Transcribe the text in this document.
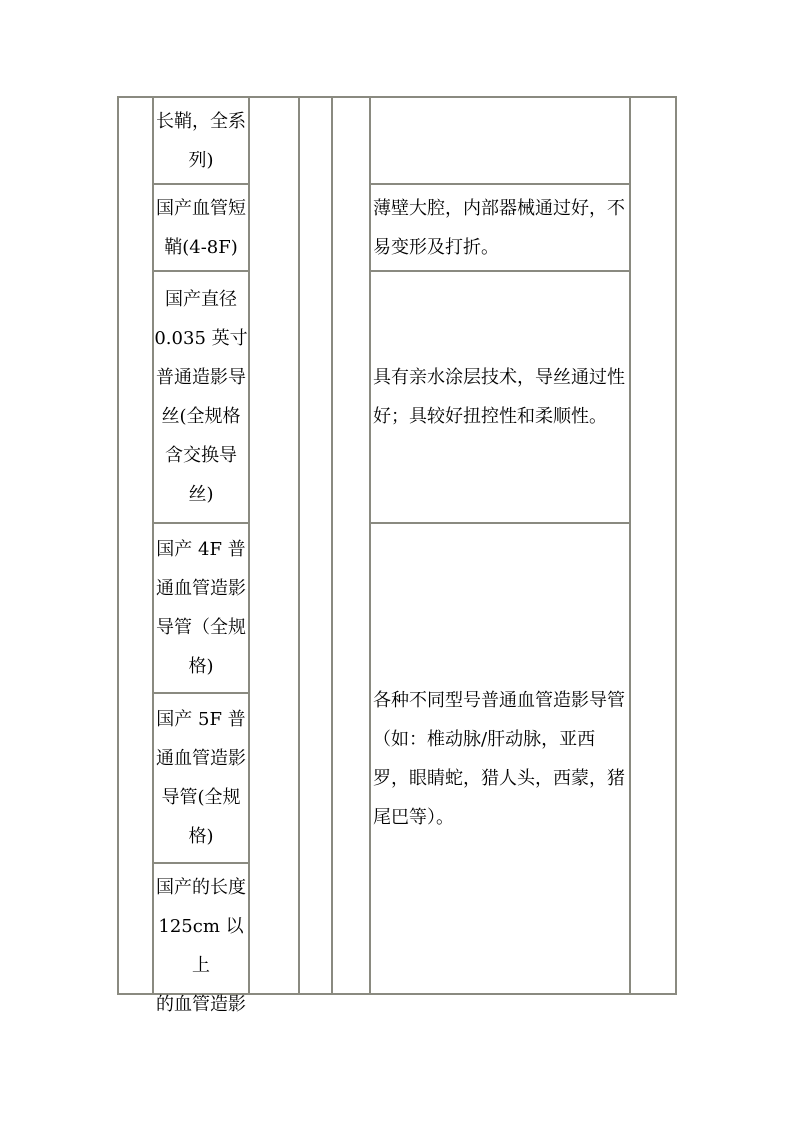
长鞘，全系
列)
国产血管短
鞘(4-8F)
薄壁大腔，内部器械通过好，不易变形及打折。
国产直径
0.035 英寸
普通造影导
丝(全规格
含交换导
丝)
具有亲水涂层技术，导丝通过性好；具较好扭控性和柔顺性。
国产 4F 普
通血管造影
导管（全规
格)
国产 5F 普
通血管造影
导管(全规
格)
国产的长度
125cm 以上
的血管造影
各种不同型号普通血管造影导管（如：椎动脉/肝动脉，亚西罗，眼睛蛇，猎人头，西蒙，猪尾巴等）。
